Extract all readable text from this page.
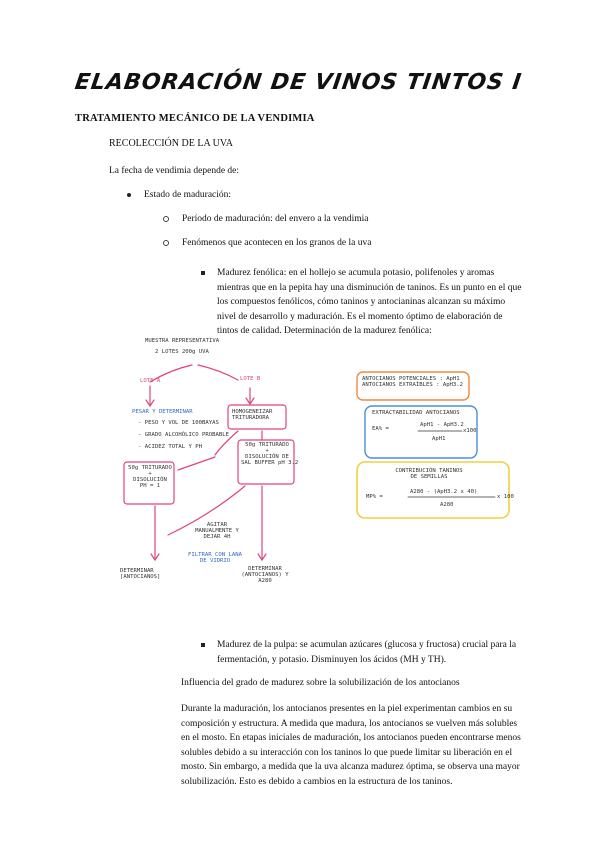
ELABORACIÓN DE VINOS TINTOS I
TRATAMIENTO MECÁNICO DE LA VENDIMIA
RECOLECCIÓN DE LA UVA
La fecha de vendimia depende de:
Estado de maduración:
Período de maduración: del envero a la vendimia
Fenómenos que acontecen en los granos de la uva
Madurez fenólica: en el hollejo se acumula potasio, polifenoles y aromas
mientras que en la pepita hay una disminución de taninos. Es un punto en el que
los compuestos fenólicos, cómo taninos y antocianinas alcanzan su máximo
nivel de desarrollo y maduración. Es el momento óptimo de elaboración de
tintos de calidad. Determinación de la madurez fenólica:
MUESTRA REPRESENTATIVA
2 LOTES 200g UVA
LOTE A	LOTE B
PESAR Y DETERMINAR
- PESO Y VOL DE 100BAYAS
- GRADO ALCOHÓLICO PROBABLE
- ACIDEZ TOTAL Y PH
HOMOGENEIZAR
TRITURADORA
50g TRITURADO
+
DISOLUCIÓN
PH = 1
50g TRITURADO
+
DISOLUCIÓN DE
SAL BUFFER pH 3.2
AGITAR
MANUALMENTE Y
DEJAR 4H
FILTRAR CON LANA
DE VIDRIO
DETERMINAR
[ANTOCIANOS]
DETERMINAR
(ANTOCIANOS) Y
A280
ANTOCIANOS POTENCIALES : ApH1
ANTOCIANOS EXTRAÍBLES : ApH3.2
EXTRACTABILIDAD ANTOCIANOS
EA% =
ApH1 - ApH3.2
ApH1
x100
CONTRIBUCIÓN TANINOS
DE SEMILLAS
MP% =
A280 - (ApH3.2 x 40)
A280
x 100
Madurez de la pulpa: se acumulan azúcares (glucosa y fructosa) crucial para la
fermentación, y potasio. Disminuyen los ácidos (MH y TH).
Influencia del grado de madurez sobre la solubilización de los antocianos
Durante la maduración, los antocianos presentes en la piel experimentan cambios en su
composición y estructura. A medida que madura, los antocianos se vuelven más solubles
en el mosto. En etapas iniciales de maduración, los antocianos pueden encontrarse menos
solubles debido a su interacción con los taninos lo que puede limitar su liberación en el
mosto. Sin embargo, a medida que la uva alcanza madurez óptima, se observa una mayor
solubilización. Esto es debido a cambios en la estructura de los taninos.
